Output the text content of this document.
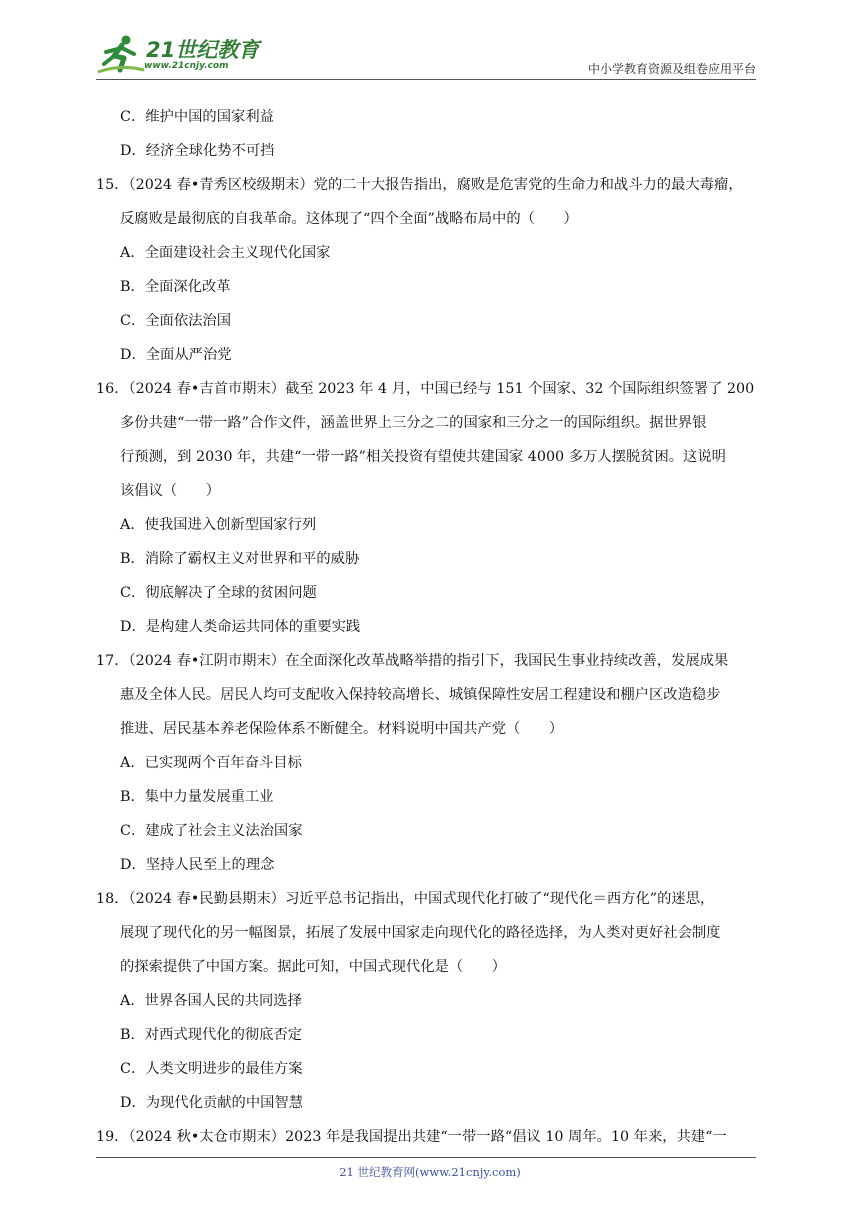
21世纪教育
www.21cnjy.com	中小学教育资源及组卷应用平台
C．维护中国的国家利益
D．经济全球化势不可挡
15．（2024 春•青秀区校级期末）党的二十大报告指出，腐败是危害党的生命力和战斗力的最大毒瘤，
反腐败是最彻底的自我革命。这体现了“四个全面”战略布局中的（　　）
A．全面建设社会主义现代化国家
B．全面深化改革
C．全面依法治国
D．全面从严治党
16．（2024 春•吉首市期末）截至 2023 年 4 月，中国已经与 151 个国家、32 个国际组织签署了 200
多份共建“一带一路”合作文件，涵盖世界上三分之二的国家和三分之一的国际组织。据世界银
行预测，到 2030 年，共建“一带一路”相关投资有望使共建国家 4000 多万人摆脱贫困。这说明
该倡议（　　）
A．使我国进入创新型国家行列
B．消除了霸权主义对世界和平的威胁
C．彻底解决了全球的贫困问题
D．是构建人类命运共同体的重要实践
17．（2024 春•江阴市期末）在全面深化改革战略举措的指引下，我国民生事业持续改善，发展成果
惠及全体人民。居民人均可支配收入保持较高增长、城镇保障性安居工程建设和棚户区改造稳步
推进、居民基本养老保险体系不断健全。材料说明中国共产党（　　）
A．已实现两个百年奋斗目标
B．集中力量发展重工业
C．建成了社会主义法治国家
D．坚持人民至上的理念
18．（2024 春•民勤县期末）习近平总书记指出，中国式现代化打破了“现代化＝西方化”的迷思，
展现了现代化的另一幅图景，拓展了发展中国家走向现代化的路径选择，为人类对更好社会制度
的探索提供了中国方案。据此可知，中国式现代化是（　　）
A．世界各国人民的共同选择
B．对西式现代化的彻底否定
C．人类文明进步的最佳方案
D．为现代化贡献的中国智慧
19．（2024 秋•太仓市期末）2023 年是我国提出共建“一带一路“倡议 10 周年。10 年来，共建“一
21 世纪教育网(www.21cnjy.com)
